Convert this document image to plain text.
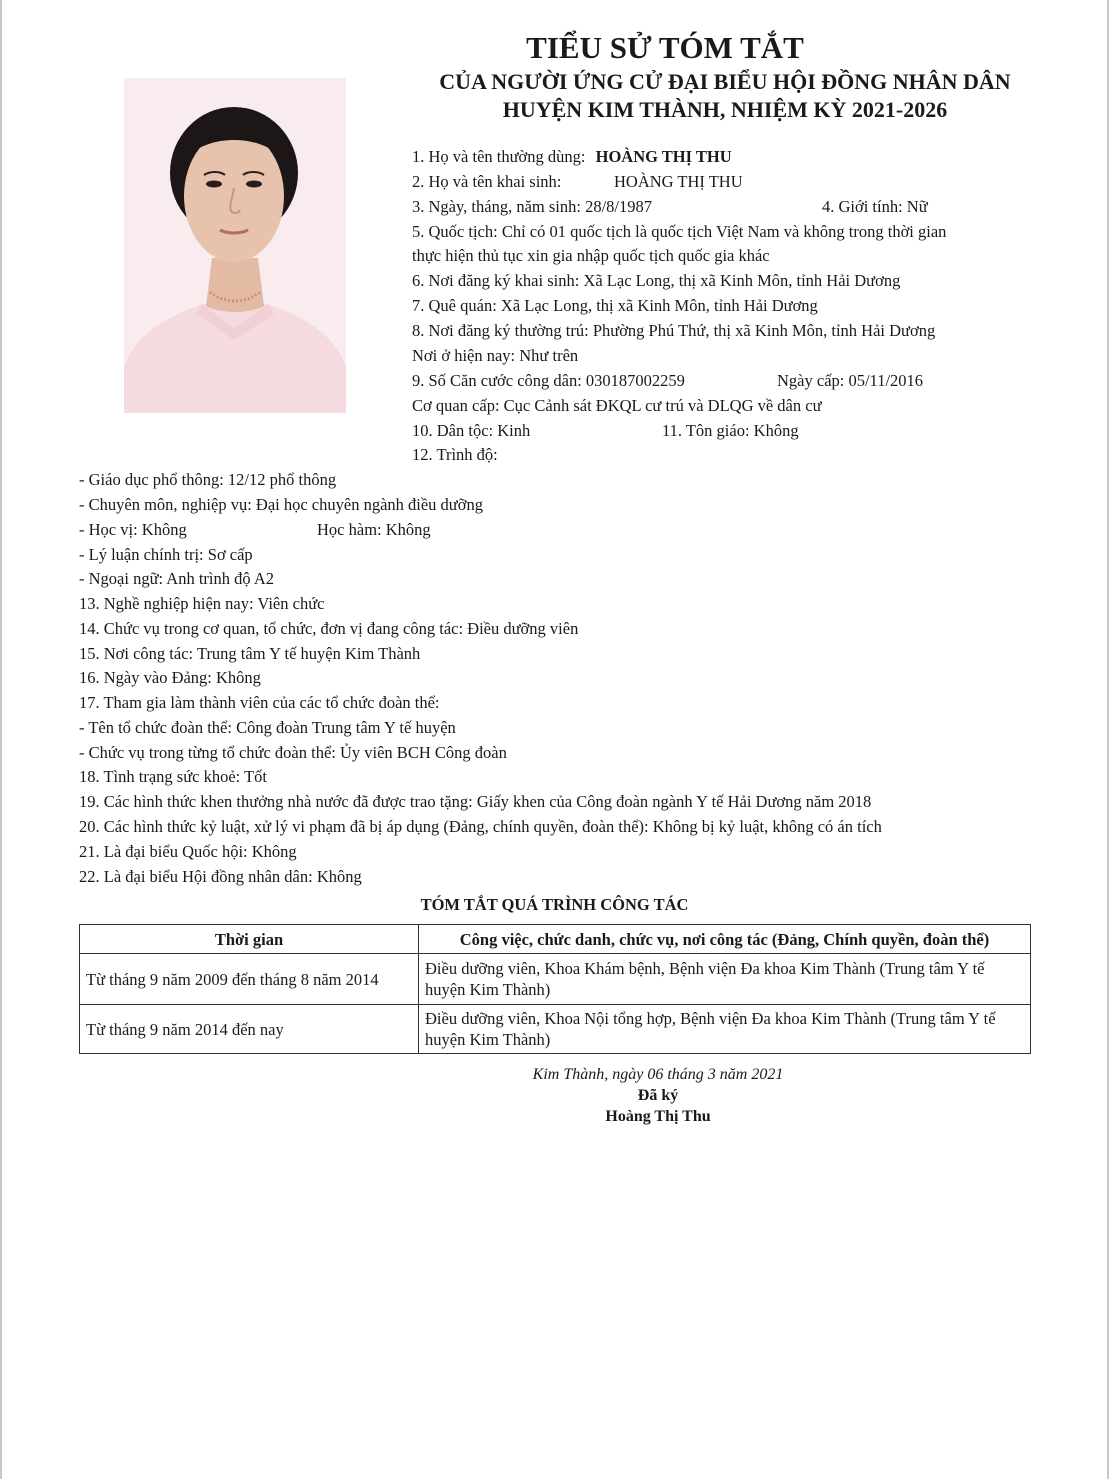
TIỂU SỬ TÓM TẮT
CỦA NGƯỜI ỨNG CỬ ĐẠI BIỂU HỘI ĐỒNG NHÂN DÂN
HUYỆN KIM THÀNH, NHIỆM KỲ 2021-2026
1. Họ và tên thường dùng: HOÀNG THỊ THU
2. Họ và tên khai sinh:	HOÀNG THỊ THU
3. Ngày, tháng, năm sinh: 28/8/1987	4. Giới tính: Nữ
5. Quốc tịch: Chỉ có 01 quốc tịch là quốc tịch Việt Nam và không trong thời gian
thực hiện thủ tục xin gia nhập quốc tịch quốc gia khác
6. Nơi đăng ký khai sinh: Xã Lạc Long, thị xã Kinh Môn, tỉnh Hải Dương
7. Quê quán: Xã Lạc Long, thị xã Kinh Môn, tỉnh Hải Dương
8. Nơi đăng ký thường trú: Phường Phú Thứ, thị xã Kinh Môn, tỉnh Hải Dương
Nơi ở hiện nay: Như trên
9. Số Căn cước công dân: 030187002259	Ngày cấp: 05/11/2016
Cơ quan cấp: Cục Cảnh sát ĐKQL cư trú và DLQG về dân cư
10. Dân tộc: Kinh	11. Tôn giáo: Không
12. Trình độ:
- Giáo dục phổ thông: 12/12 phổ thông
- Chuyên môn, nghiệp vụ: Đại học chuyên ngành điều dưỡng
- Học vị: Không	Học hàm: Không
- Lý luận chính trị: Sơ cấp
- Ngoại ngữ: Anh trình độ A2
13. Nghề nghiệp hiện nay: Viên chức
14. Chức vụ trong cơ quan, tổ chức, đơn vị đang công tác: Điều dưỡng viên
15. Nơi công tác: Trung tâm Y tế huyện Kim Thành
16. Ngày vào Đảng: Không
17. Tham gia làm thành viên của các tổ chức đoàn thể:
- Tên tổ chức đoàn thể: Công đoàn Trung tâm Y tế huyện
- Chức vụ trong từng tổ chức đoàn thể: Ủy viên BCH Công đoàn
18. Tình trạng sức khoẻ: Tốt
19. Các hình thức khen thưởng nhà nước đã được trao tặng: Giấy khen của Công đoàn ngành Y tế Hải Dương năm 2018
20. Các hình thức kỷ luật, xử lý vi phạm đã bị áp dụng (Đảng, chính quyền, đoàn thể): Không bị kỷ luật, không có án tích
21. Là đại biểu Quốc hội: Không
22. Là đại biểu Hội đồng nhân dân: Không
TÓM TẮT QUÁ TRÌNH CÔNG TÁC
Thời gian	Công việc, chức danh, chức vụ, nơi công tác (Đảng, Chính quyền, đoàn thể)
Từ tháng 9 năm 2009 đến tháng 8 năm 2014	Điều dưỡng viên, Khoa Khám bệnh, Bệnh viện Đa khoa Kim Thành (Trung tâm Y tế huyện Kim Thành)
Từ tháng 9 năm 2014 đến nay	Điều dưỡng viên, Khoa Nội tổng hợp, Bệnh viện Đa khoa Kim Thành (Trung tâm Y tế huyện Kim Thành)
Kim Thành, ngày 06 tháng 3 năm 2021
Đã ký
Hoàng Thị Thu
